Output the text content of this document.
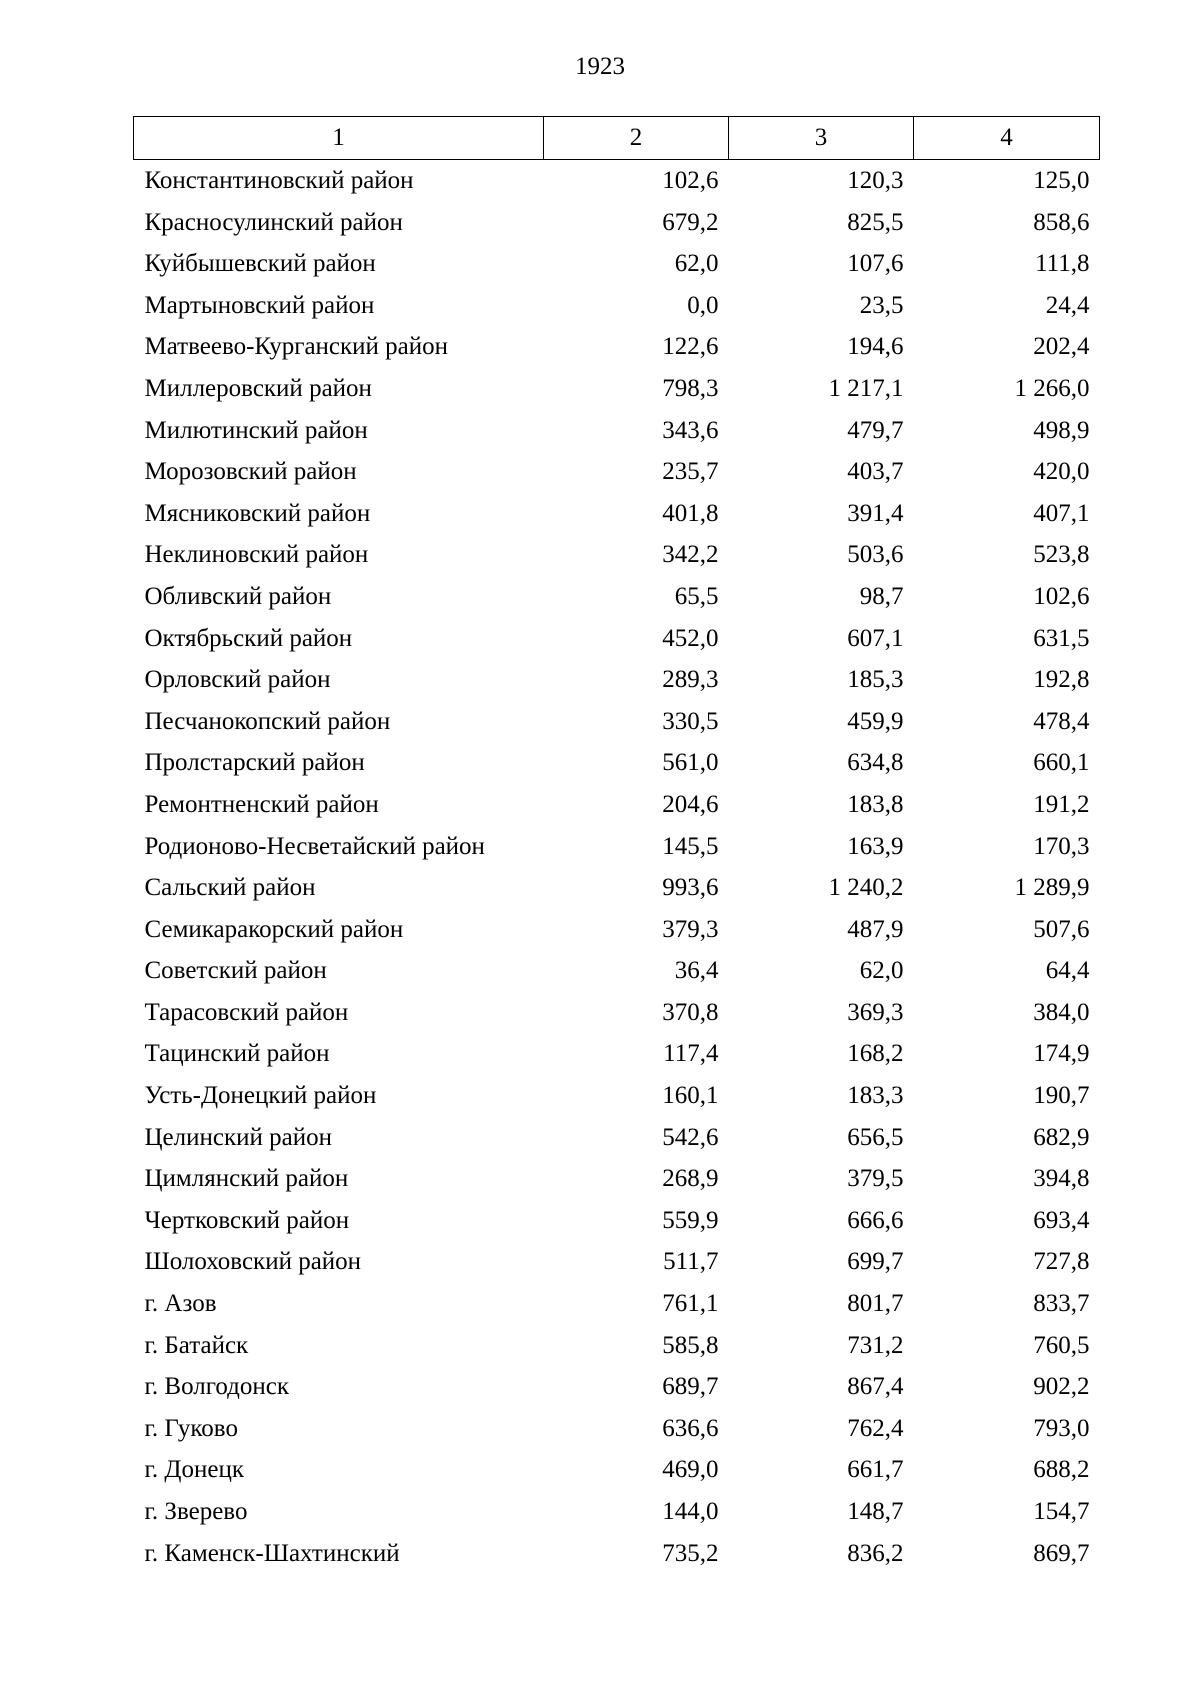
1923
1	2	3	4
Константиновский район	102,6	120,3	125,0
Красносулинский район	679,2	825,5	858,6
Куйбышевский район	62,0	107,6	111,8
Мартыновский район	0,0	23,5	24,4
Матвеево-Курганский район	122,6	194,6	202,4
Миллеровский район	798,3	1 217,1	1 266,0
Милютинский район	343,6	479,7	498,9
Морозовский район	235,7	403,7	420,0
Мясниковский район	401,8	391,4	407,1
Неклиновский район	342,2	503,6	523,8
Обливский район	65,5	98,7	102,6
Октябрьский район	452,0	607,1	631,5
Орловский район	289,3	185,3	192,8
Песчанокопский район	330,5	459,9	478,4
Пролстарский район	561,0	634,8	660,1
Ремонтненский район	204,6	183,8	191,2
Родионово-Несветайский район	145,5	163,9	170,3
Сальский район	993,6	1 240,2	1 289,9
Семикаракорский район	379,3	487,9	507,6
Советский район	36,4	62,0	64,4
Тарасовский район	370,8	369,3	384,0
Тацинский район	117,4	168,2	174,9
Усть-Донецкий район	160,1	183,3	190,7
Целинский район	542,6	656,5	682,9
Цимлянский район	268,9	379,5	394,8
Чертковский район	559,9	666,6	693,4
Шолоховский район	511,7	699,7	727,8
г. Азов	761,1	801,7	833,7
г. Батайск	585,8	731,2	760,5
г. Волгодонск	689,7	867,4	902,2
г. Гуково	636,6	762,4	793,0
г. Донецк	469,0	661,7	688,2
г. Зверево	144,0	148,7	154,7
г. Каменск-Шахтинский	735,2	836,2	869,7
